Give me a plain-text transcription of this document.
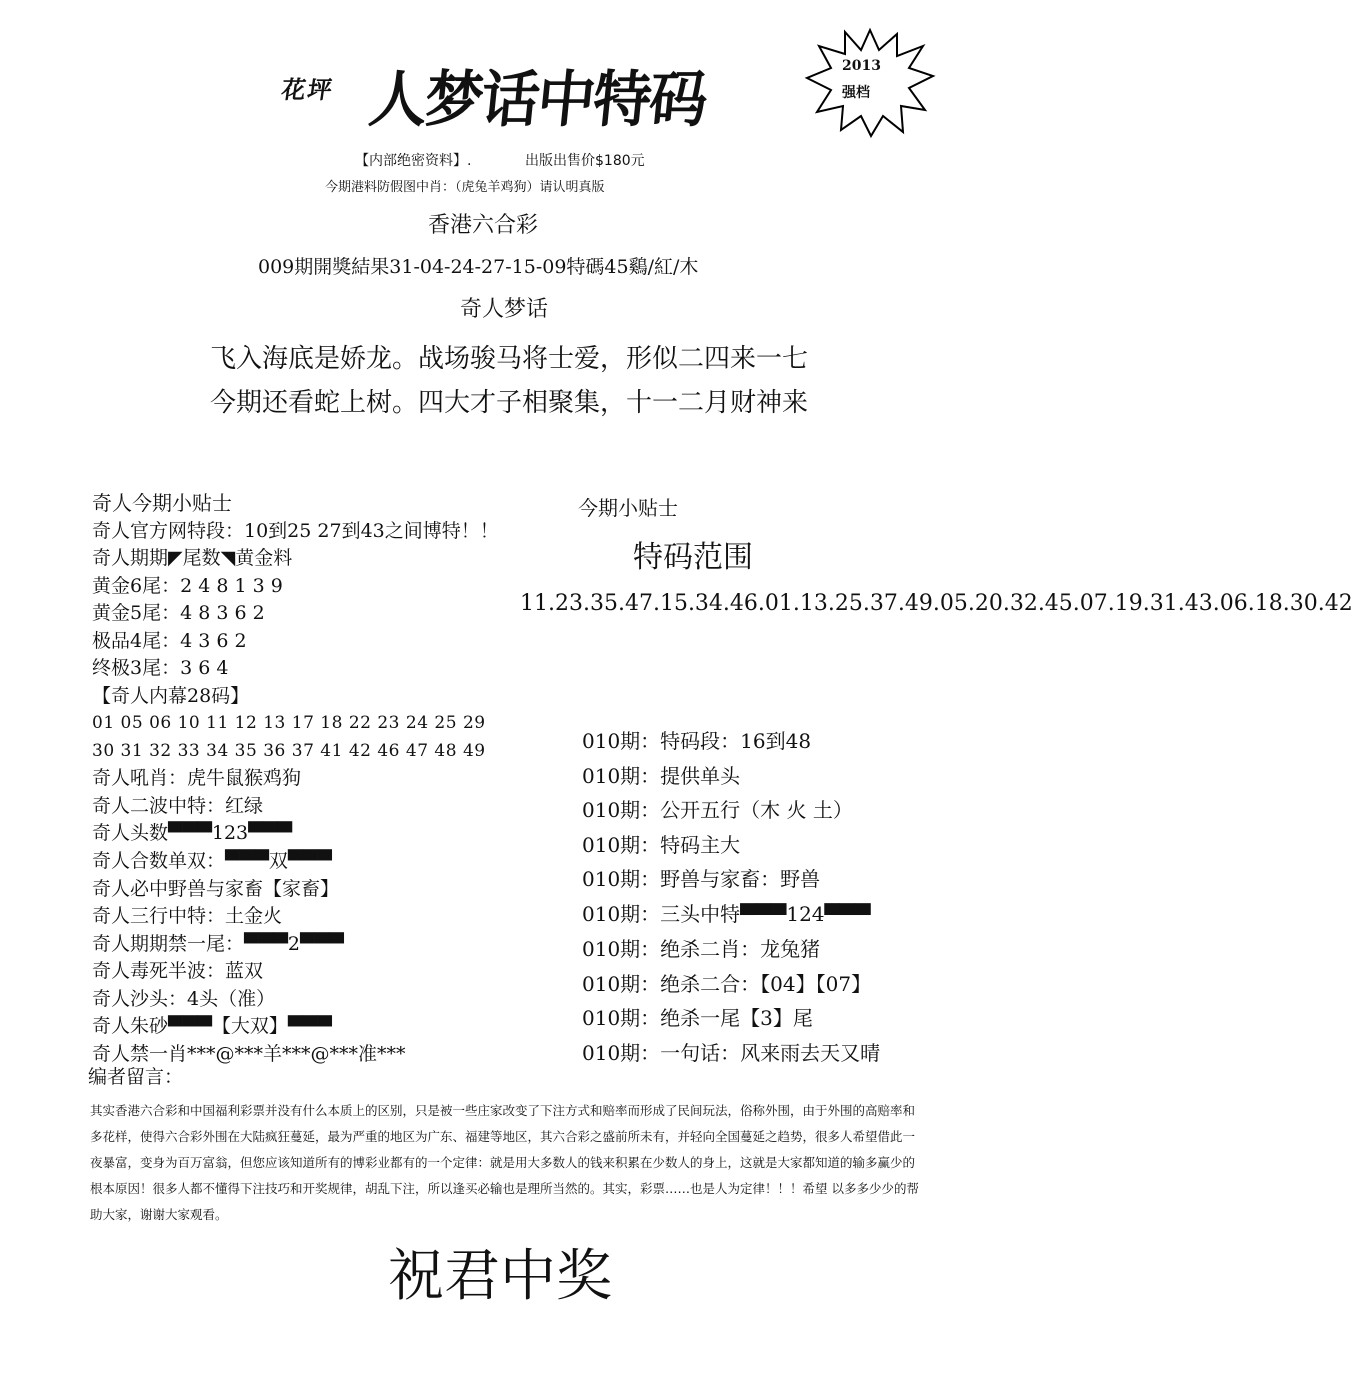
花坪 人梦话中特码	2013
强档
【内部绝密资料】.	出版出售价$180元
今期港料防假图中肖：（虎兔羊鸡狗）请认明真版
香港六合彩
009期開獎結果31-04-24-27-15-09特碼45鷄/紅/木
奇人梦话
飞入海底是娇龙。战场骏马将士爱，形似二四来一七
今期还看蛇上树。四大才子相聚集，十一二月财神来
奇人今期小贴士
奇人官方网特段：10到25 27到43之间博特！！
奇人期期◤尾数◥黄金料
黄金6尾：2 4 8 1 3 9
黄金5尾：4 8 3 6 2
极品4尾：4 3 6 2
终极3尾：3 6 4
【奇人内幕28码】
01 05 06 10 11 12 13 17 18 22 23 24 25 29
30 31 32 33 34 35 36 37 41 42 46 47 48 49
奇人吼肖：虎牛鼠猴鸡狗
奇人二波中特：红绿
奇人头数▀▀▀123▀▀▀
奇人合数单双：▀▀▀双▀▀▀
奇人必中野兽与家畜【家畜】
奇人三行中特：土金火
奇人期期禁一尾：▀▀▀2▀▀▀
奇人毒死半波：蓝双
奇人沙头：4头（准）
奇人朱砂▀▀▀【大双】▀▀▀
奇人禁一肖***@***羊***@***准***
今期小贴士
特码范围
11.23.35.47.15.34.46.01.13.25.37.49.05.20.32.45.07.19.31.43.06.18.30.42
010期：特码段：16到48
010期：提供单头
010期：公开五行（木 火 土）
010期：特码主大
010期：野兽与家畜：野兽
010期：三头中特▀▀▀124▀▀▀
010期：绝杀二肖：龙兔猪
010期：绝杀二合：【04】【07】
010期：绝杀一尾【3】尾
010期：一句话：风来雨去天又晴
编者留言：
其实香港六合彩和中国福利彩票并没有什么本质上的区别，只是被一些庄家改变了下注方式和赔率而形成了民间玩法，俗称外围，由于外围的高赔率和多花样，使得六合彩外围在大陆疯狂蔓延，最为严重的地区为广东、福建等地区，其六合彩之盛前所未有，并轻向全国蔓延之趋势，很多人希望借此一夜暴富，变身为百万富翁，但您应该知道所有的博彩业都有的一个定律：就是用大多数人的钱来积累在少数人的身上，这就是大家都知道的输多赢少的根本原因！很多人都不懂得下注技巧和开奖规律，胡乱下注，所以逢买必输也是理所当然的。其实，彩票……也是人为定律！！！希望 以多多少少的帮助大家，谢谢大家观看。
祝君中奖
